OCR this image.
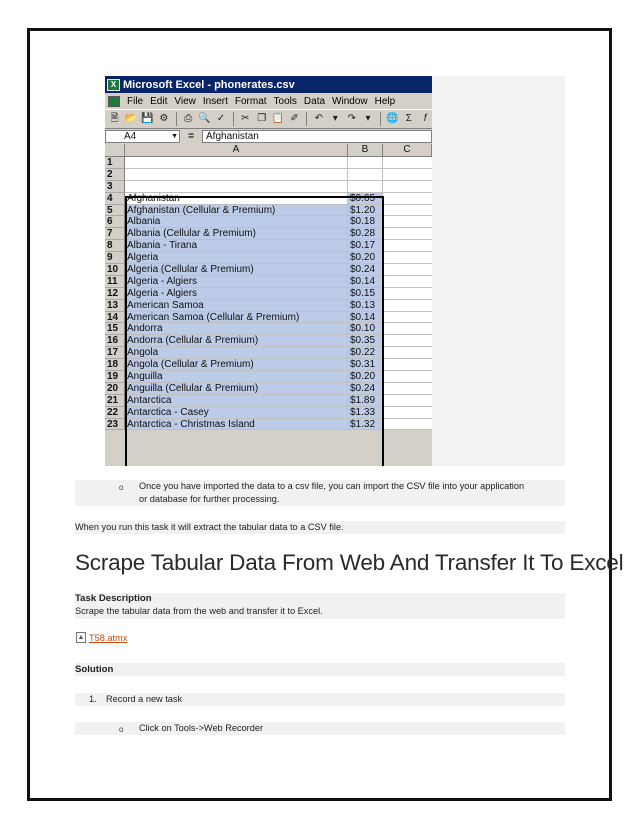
X Microsoft Excel - phonerates.csv
File Edit View Insert Format Tools Data Window Help
🗎 📂 💾 ⚙ ⎙ 🔍 ✓ ✂ ❐ 📋 ✐ ↶ ▾ ↷ ▾	🌐 Σ	f
A4	▼	=	Afghanistan
A	B	C
1
2
3
4	Afghanistan	$0.65
5	Afghanistan (Cellular & Premium)	$1.20
6	Albania	$0.18
7	Albania (Cellular & Premium)	$0.28
8	Albania - Tirana	$0.17
9	Algeria	$0.20
10 Algeria (Cellular & Premium)	$0.24
11 Algeria - Algiers	$0.14
12 Algeria - Algiers	$0.15
13 American Samoa	$0.13
14 American Samoa (Cellular & Premium)	$0.14
15 Andorra	$0.10
16 Andorra (Cellular & Premium)	$0.35
17 Angola	$0.22
18 Angola (Cellular & Premium)	$0.31
19 Anguilla	$0.20
20 Anguilla (Cellular & Premium)	$0.24
21 Antarctica	$1.89
22 Antarctica - Casey	$1.33
23 Antarctica - Christmas Island	$1.32
o Once you have imported the data to a csv file, you can import the CSV file into your application
or database for further processing.
When you run this task it will extract the tabular data to a CSV file.
Scrape Tabular Data From Web And Transfer It To Excel
Task Description
Scrape the tabular data from the web and transfer it to Excel.
▲ T58.atmx
Solution
1. Record a new task
o Click on Tools->Web Recorder
